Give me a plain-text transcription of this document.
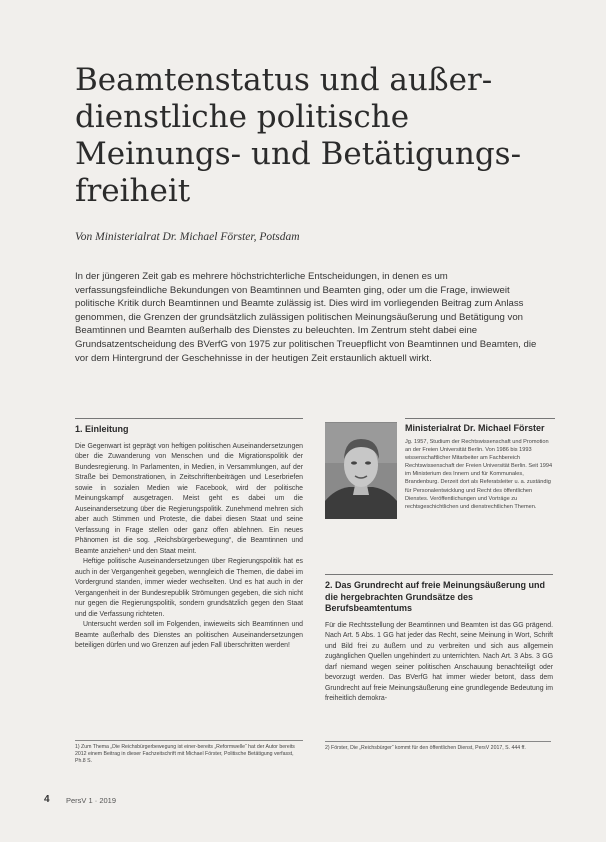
Beamtenstatus und außer-
dienstliche politische
Meinungs- und Betätigungs-
freiheit
Von Ministerialrat Dr. Michael Förster, Potsdam

In der jüngeren Zeit gab es mehrere höchstrichterliche Entscheidungen, in denen es um verfassungsfeindliche Bekundungen von Beamtinnen und Beamten ging, oder um die Frage, inwieweit politische Kritik durch Beamtinnen und Beamte zulässig ist. Dies wird im vorliegenden Beitrag zum Anlass genommen, die Grenzen der grundsätzlich zulässigen politischen Meinungsäußerung und Betätigung von Beamtinnen und Beamten außerhalb des Dienstes zu beleuchten. Im Zentrum steht dabei eine Grundsatzentscheidung des BVerfG von 1975 zur politischen Treuepflicht von Beamtinnen und Beamten, die vor dem Hintergrund der Geschehnisse in der heutigen Zeit erstaunlich aktuell wirkt.

1. Einleitung

Die Gegenwart ist geprägt von heftigen politischen Auseinandersetzungen über die Zuwanderung von Menschen und die Migrationspolitik der Bundesregierung. In Parlamenten, in Medien, in Versammlungen, auf der Straße bei Demonstrationen, in Zeitschriftenbeiträgen und Leserbriefen sowie in sozialen Medien wie Facebook, wird der politische Meinungskampf ausgetragen. Meist geht es dabei um die Auseinandersetzung über die Regierungspolitik. Zunehmend mehren sich aber auch Stimmen und Proteste, die dabei diesen Staat und seine Verfassung in Frage stellen oder ganz offen ablehnen. Ein neues Phänomen ist die sog. „Reichsbürgerbewegung“, die Beamtinnen und Beamte anziehen¹ und den Staat meint.

Heftige politische Auseinandersetzungen über Regierungspolitik hat es auch in der Vergangenheit gegeben, wenngleich die Themen, die dabei im Vordergrund standen, immer wieder wechselten. Und es hat auch in der Vergangenheit in der Bundesrepublik Strömungen gegeben, die sich nicht nur gegen die Regierungspolitik, sondern grundsätzlich gegen den Staat und die Verfassung richteten.

Untersucht werden soll im Folgenden, inwieweits sich Beamtinnen und Beamte außerhalb des Dienstes an politischen Auseinandersetzungen beteiligen dürfen und wo Grenzen auf jeden Fall überschritten werden!

1) Zum Thema „Die Reichsbürgerbewegung ist einer-bereits „Reformwelle“ hat der Autor bereits 2012 einem Beitrag in dieser Fachzeitschrift mit Michael Förster, Politische Betätigung verfasst, Ph.8 S.
Ministerialrat Dr. Michael Förster
Jg. 1957, Studium der Rechtswissenschaft und Promotion an der Freien Universität Berlin. Von 1986 bis 1993 wissenschaftlicher Mitarbeiter am Fachbereich Rechtswissenschaft der Freien Universität Berlin. Seit 1994 im Ministerium des Innern und für Kommunales, Brandenburg. Derzeit dort als Referatsleiter u. a. zuständig für Personalentwicklung und Recht des öffentlichen Dienstes. Veröffentlichungen und Vorträge zu rechtsgeschichtlichen und dienstrechtlichen Themen.
2. Das Grundrecht auf freie Meinungsäußerung und die hergebrachten Grundsätze des Berufsbeamtentums

Für die Rechtsstellung der Beamtinnen und Beamten ist das GG prägend. Nach Art. 5 Abs. 1 GG hat jeder das Recht, seine Meinung in Wort, Schrift und Bild frei zu äußern und zu verbreiten und sich aus allgemein zugänglichen Quellen ungehindert zu unterrichten. Nach Art. 3 Abs. 3 GG darf niemand wegen seiner politischen Anschauung benachteiligt oder bevorzugt werden. Das BVerfG hat immer wieder betont, dass dem Grundrecht auf freie Meinungsäußerung eine grundlegende Bedeutung im freiheitlich demokra-

2) Förster, Die „Reichsbürger“ kommt für den öffentlichen Dienst, PersV 2017, S. 444 ff.
4 PersV 1 · 2019
